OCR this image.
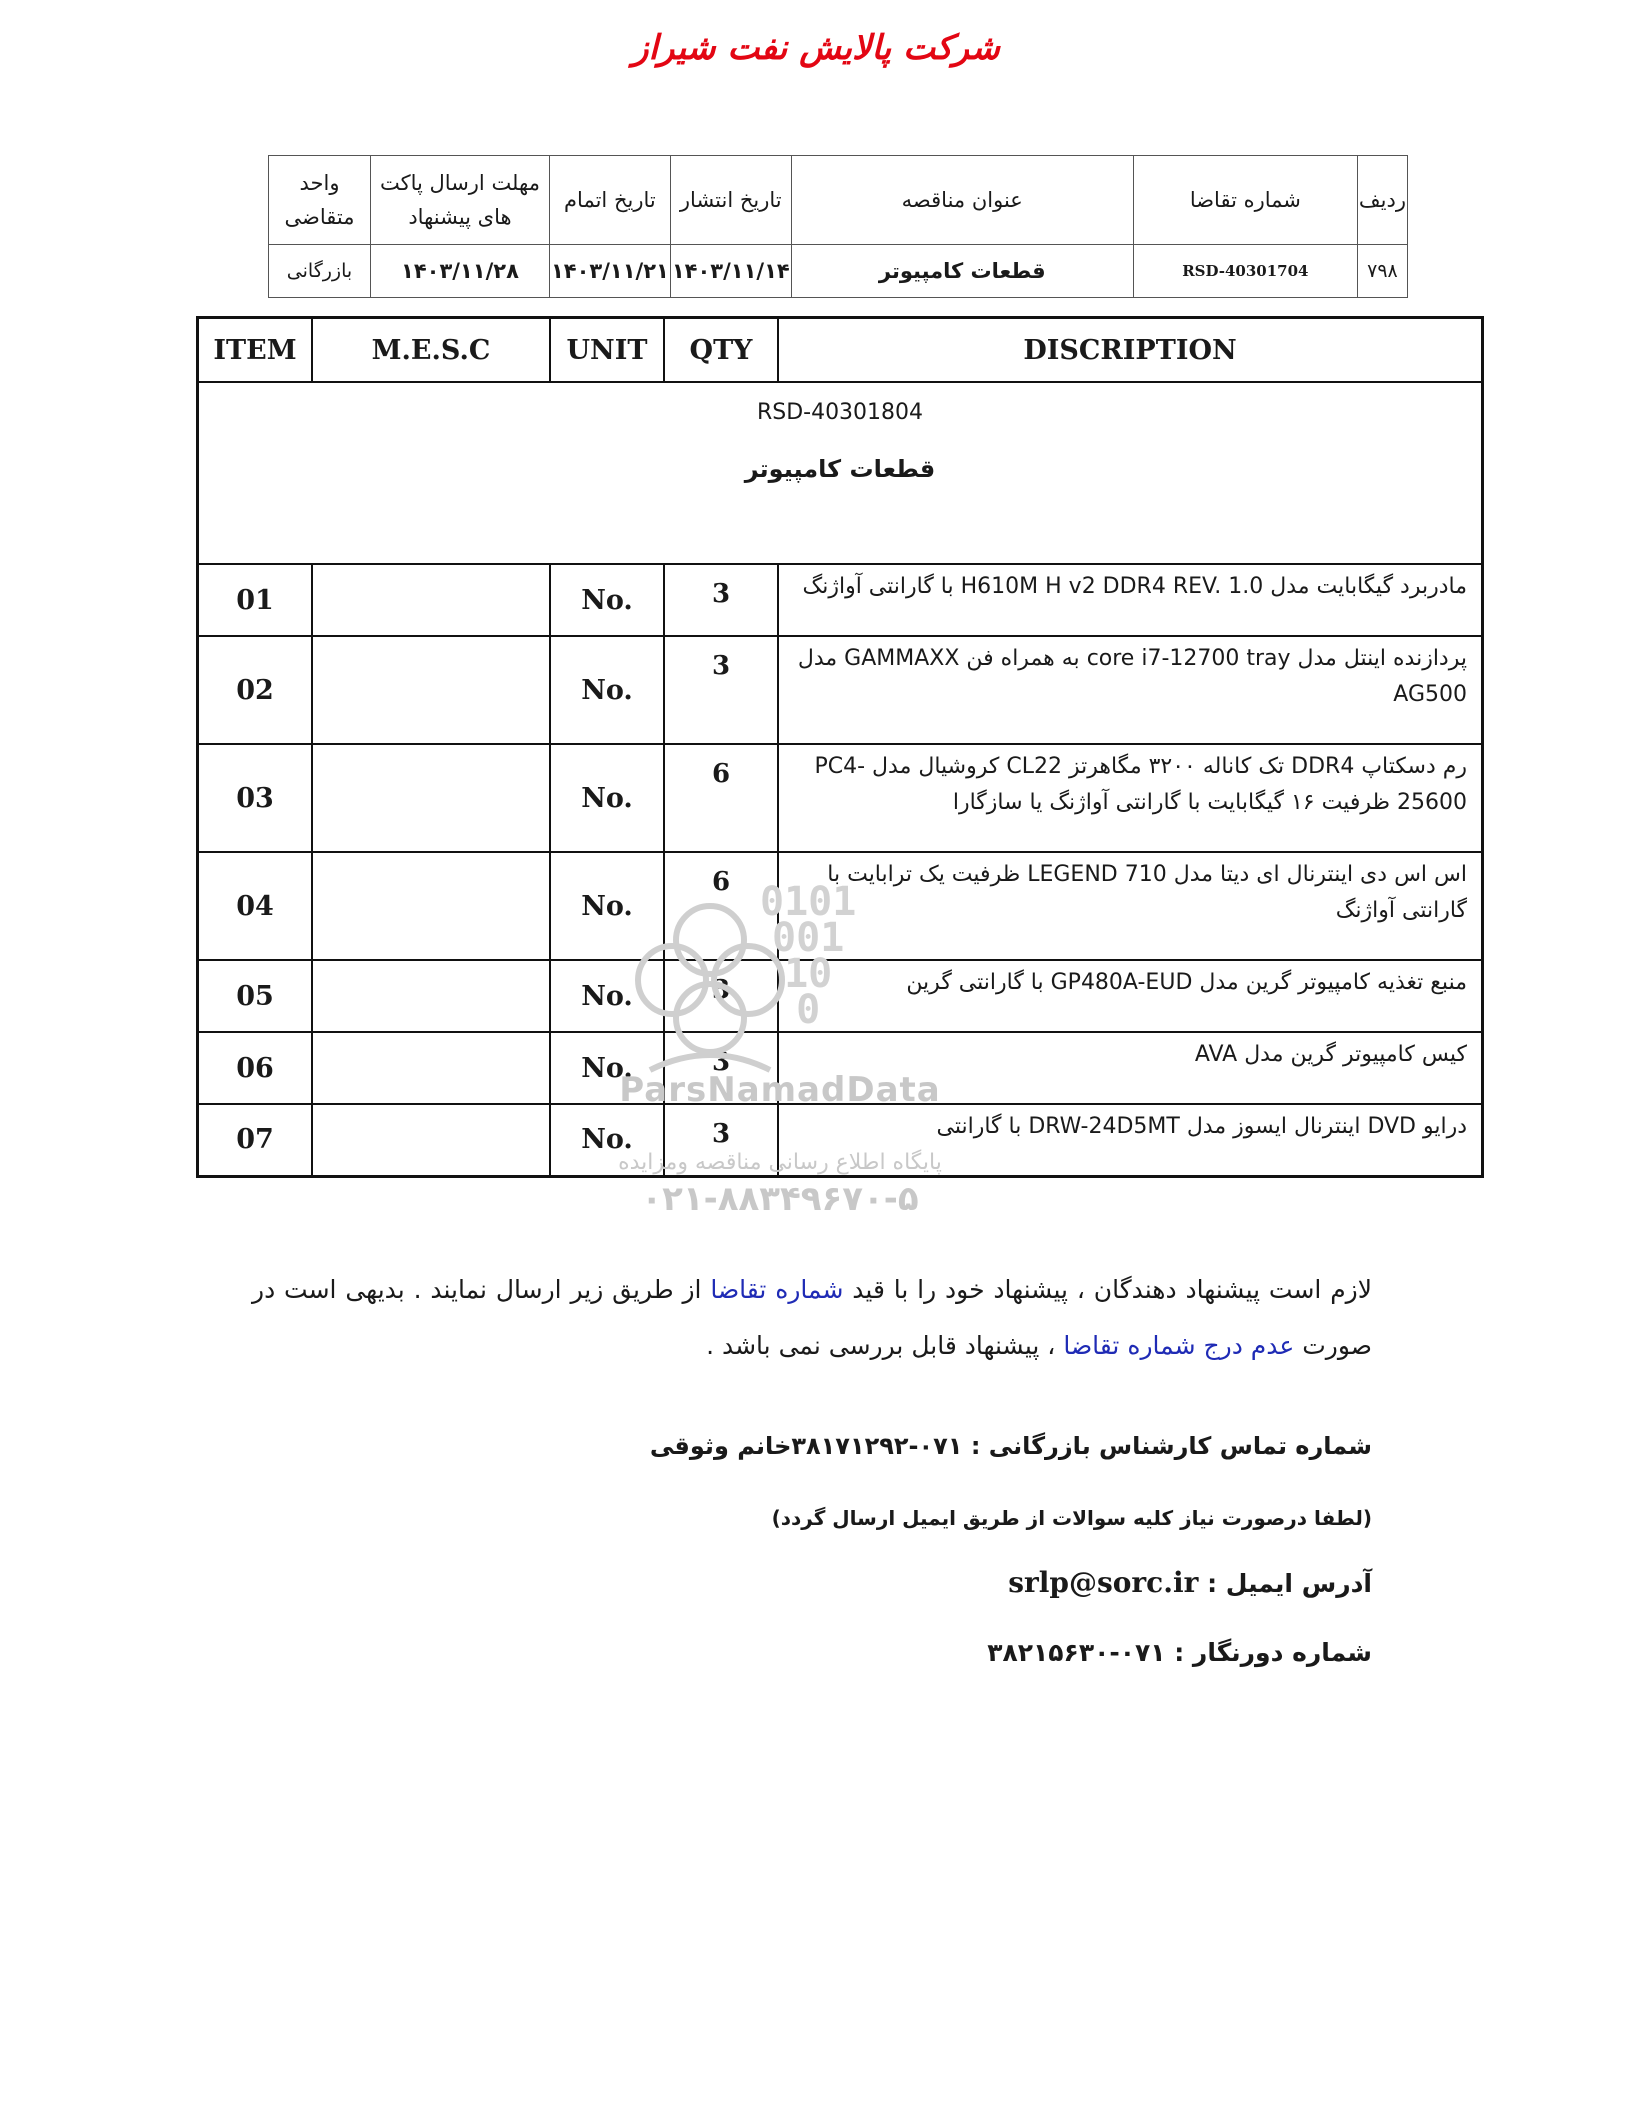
شرکت پالایش نفت شیراز
ردیف	شماره تقاضا	عنوان مناقصه	تاریخ انتشار	تاریخ اتمام	مهلت ارسال پاکت های پیشنهاد	واحد متقاضی
۷۹۸	RSD-40301704	قطعات کامپیوتر	۱۴۰۳/۱۱/۱۴	۱۴۰۳/۱۱/۲۱	۱۴۰۳/۱۱/۲۸	بازرگانی
ITEM	M.E.S.C	UNIT	QTY	DISCRIPTION

RSD-40301804
قطعات کامپیوتر				

01		No.	3	مادربرد گیگابایت مدل H610M H v2 DDR4 REV. 1.0 با گارانتی آواژنگ
02		No.	3	پردازنده اینتل مدل core i7-12700 tray به همراه فن GAMMAXX مدل AG500
03		No.	6	رم دسکتاپ DDR4 تک کاناله ۳۲۰۰ مگاهرتز CL22 کروشیال مدل PC4-25600 ظرفیت ۱۶ گیگابایت با گارانتی آواژنگ یا سازگارا
04		No.	6	اس اس دی اینترنال ای دیتا مدل LEGEND 710 ظرفیت یک ترابایت با گارانتی آواژنگ
05		No.	3	منبع تغذیه کامپیوتر گرین مدل GP480A-EUD با گارانتی گرین
06		No.	3	کیس کامپیوتر گرین مدل AVA
07		No.	3	درایو DVD اینترنال ایسوز مدل DRW-24D5MT با گارانتی
0101
001
10
0
ParsNamadData
پایگاه اطلاع رسانی مناقصه ومزایده
۰۲۱-۸۸۳۴۹۶۷۰-۵
لازم است پیشنهاد دهندگان ، پیشنهاد خود را با قید شماره تقاضا از طریق زیر ارسال نمایند . بدیهی است در صورت عدم درج شماره تقاضا ، پیشنهاد قابل بررسی نمی باشد .
شماره تماس کارشناس بازرگانی : ۰۷۱-۳۸۱۷۱۲۹۲خانم وثوقی
(لطفا درصورت نیاز کلیه سوالات از طریق ایمیل ارسال گردد)
آدرس ایمیل : srlp@sorc.ir
شماره دورنگار : ۰۷۱-۳۸۲۱۵۶۳۰
